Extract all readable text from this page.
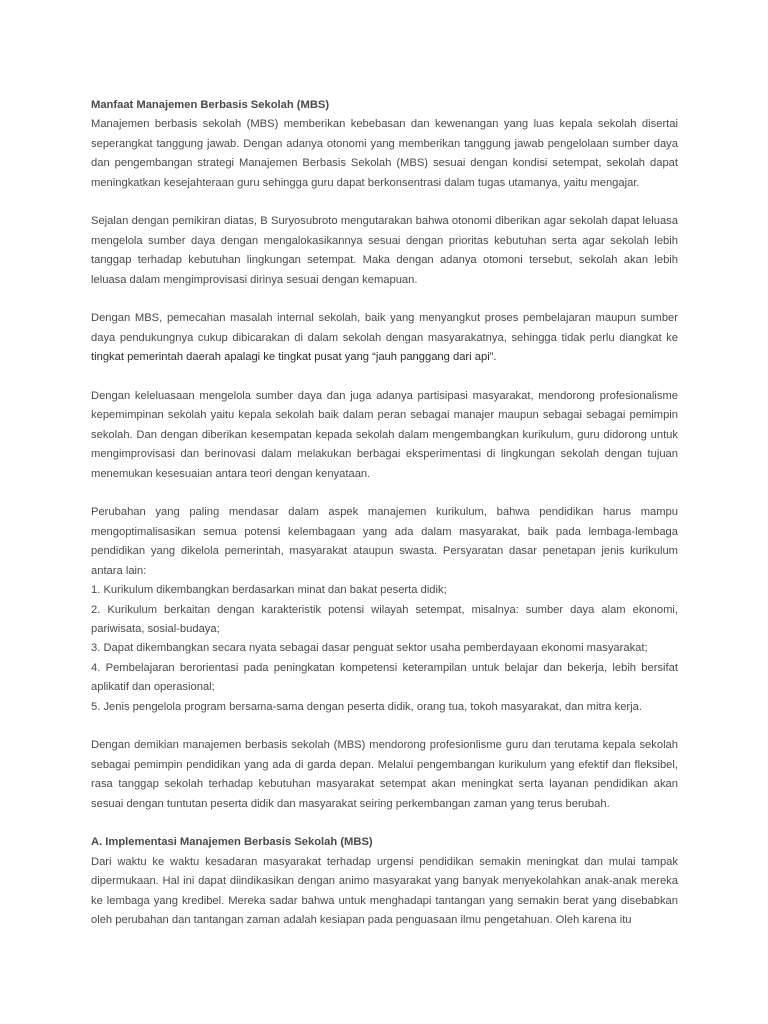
Manfaat Manajemen Berbasis Sekolah (MBS)

Manajemen berbasis sekolah (MBS) memberikan kebebasan dan kewenangan yang luas kepala sekolah disertai seperangkat tanggung jawab. Dengan adanya otonomi yang memberikan tanggung jawab pengelolaan sumber daya dan pengembangan strategi Manajemen Berbasis Sekolah (MBS) sesuai dengan kondisi setempat, sekolah dapat meningkatkan kesejahteraan guru sehingga guru dapat berkonsentrasi dalam tugas utamanya, yaitu mengajar.

Sejalan dengan pemikiran diatas, B Suryosubroto mengutarakan bahwa otonomi diberikan agar sekolah dapat leluasa mengelola sumber daya dengan mengalokasikannya sesuai dengan prioritas kebutuhan serta agar sekolah lebih tanggap terhadap kebutuhan lingkungan setempat. Maka dengan adanya otomoni tersebut, sekolah akan lebih leluasa dalam mengimprovisasi dirinya sesuai dengan kemapuan.

Dengan MBS, pemecahan masalah internal sekolah, baik yang menyangkut proses pembelajaran maupun sumber daya pendukungnya cukup dibicarakan di dalam sekolah dengan masyarakatnya, sehingga tidak perlu diangkat ke tingkat pemerintah daerah apalagi ke tingkat pusat yang “jauh panggang dari api”.

Dengan keleluasaan mengelola sumber daya dan juga adanya partisipasi masyarakat, mendorong profesionalisme kepemimpinan sekolah yaitu kepala sekolah baik dalam peran sebagai manajer maupun sebagai sebagai pemimpin sekolah. Dan dengan diberikan kesempatan kepada sekolah dalam mengembangkan kurikulum, guru didorong untuk mengimprovisasi dan berinovasi dalam melakukan berbagai eksperimentasi di lingkungan sekolah dengan tujuan menemukan kesesuaian antara teori dengan kenyataan.

Perubahan yang paling mendasar dalam aspek manajemen kurikulum, bahwa pendidikan harus mampu mengoptimalisasikan semua potensi kelembagaan yang ada dalam masyarakat, baik pada lembaga-lembaga pendidikan yang dikelola pemerintah, masyarakat ataupun swasta. Persyaratan dasar penetapan jenis kurikulum antara lain:

1. Kurikulum dikembangkan berdasarkan minat dan bakat peserta didik;
2. Kurikulum berkaitan dengan karakteristik potensi wilayah setempat, misalnya: sumber daya alam ekonomi, pariwisata, sosial-budaya;
3. Dapat dikembangkan secara nyata sebagai dasar penguat sektor usaha pemberdayaan ekonomi masyarakat;
4. Pembelajaran berorientasi pada peningkatan kompetensi keterampilan untuk belajar dan bekerja, lebih bersifat aplikatif dan operasional;
5. Jenis pengelola program bersama-sama dengan peserta didik, orang tua, tokoh masyarakat, dan mitra kerja.

Dengan demikian manajemen berbasis sekolah (MBS) mendorong profesionlisme guru dan terutama kepala sekolah sebagai pemimpin pendidikan yang ada di garda depan. Melalui pengembangan kurikulum yang efektif dan fleksibel, rasa tanggap sekolah terhadap kebutuhan masyarakat setempat akan meningkat serta layanan pendidikan akan sesuai dengan tuntutan peserta didik dan masyarakat seiring perkembangan zaman yang terus berubah.

A. Implementasi Manajemen Berbasis Sekolah (MBS)

Dari waktu ke waktu kesadaran masyarakat terhadap urgensi pendidikan semakin meningkat dan mulai tampak dipermukaan. Hal ini dapat diindikasikan dengan animo masyarakat yang banyak menyekolahkan anak-anak mereka ke lembaga yang kredibel. Mereka sadar bahwa untuk menghadapi tantangan yang semakin berat yang disebabkan oleh perubahan dan tantangan zaman adalah kesiapan pada penguasaan ilmu pengetahuan. Oleh karena itu
